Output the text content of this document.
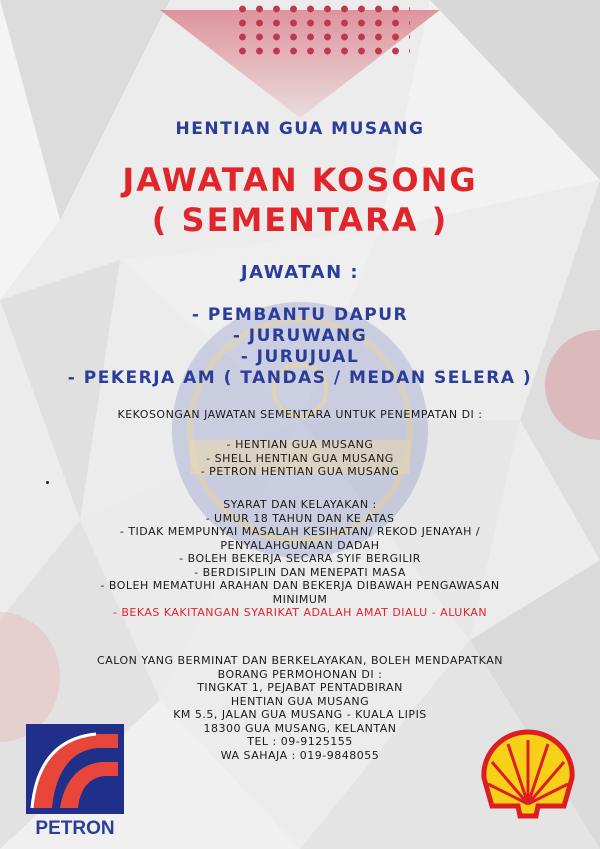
HENTIAN GUA MUSANG
JAWATAN KOSONG
( SEMENTARA )
JAWATAN :
- PEMBANTU DAPUR
- JURUWANG
- JURUJUAL
- PEKERJA AM ( TANDAS / MEDAN SELERA )
KEKOSONGAN JAWATAN SEMENTARA UNTUK PENEMPATAN DI :
- HENTIAN GUA MUSANG
- SHELL HENTIAN GUA MUSANG
- PETRON HENTIAN GUA MUSANG
SYARAT DAN KELAYAKAN :
- UMUR 18 TAHUN DAN KE ATAS
- TIDAK MEMPUNYAI MASALAH KESIHATAN/ REKOD JENAYAH /
PENYALAHGUNAAN DADAH
- BOLEH BEKERJA SECARA SYIF BERGILIR
- BERDISIPLIN DAN MENEPATI MASA
- BOLEH MEMATUHI ARAHAN DAN BEKERJA DIBAWAH PENGAWASAN
MINIMUM
- BEKAS KAKITANGAN SYARIKAT ADALAH AMAT DIALU - ALUKAN
CALON YANG BERMINAT DAN BERKELAYAKAN, BOLEH MENDAPATKAN
BORANG PERMOHONAN DI :
TINGKAT 1, PEJABAT PENTADBIRAN
HENTIAN GUA MUSANG
KM 5.5, JALAN GUA MUSANG - KUALA LIPIS
18300 GUA MUSANG, KELANTAN
TEL : 09-9125155
WA SAHAJA : 019-9848055
PETRON
